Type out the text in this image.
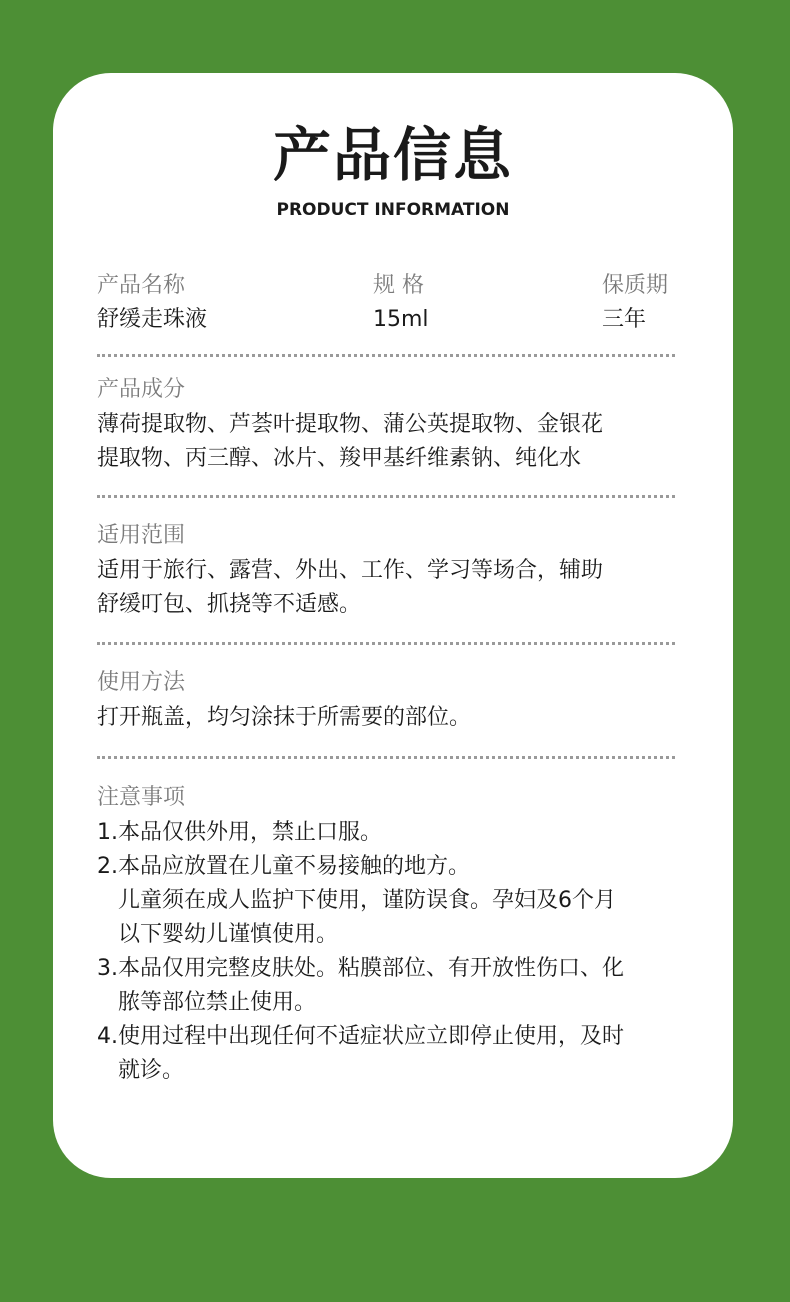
产品信息
PRODUCT INFORMATION
产品名称
舒缓走珠液
规 格
15ml
保质期
三年
产品成分
薄荷提取物、芦荟叶提取物、蒲公英提取物、金银花
提取物、丙三醇、冰片、羧甲基纤维素钠、纯化水
适用范围
适用于旅行、露营、外出、工作、学习等场合，辅助
舒缓叮包、抓挠等不适感。
使用方法
打开瓶盖，均匀涂抹于所需要的部位。
注意事项
1. 本品仅供外用，禁止口服。
2. 本品应放置在儿童不易接触的地方。
儿童须在成人监护下使用，谨防误食。孕妇及6个月
以下婴幼儿谨慎使用。
3. 本品仅用完整皮肤处。粘膜部位、有开放性伤口、化
脓等部位禁止使用。
4. 使用过程中出现任何不适症状应立即停止使用，及时
就诊。
